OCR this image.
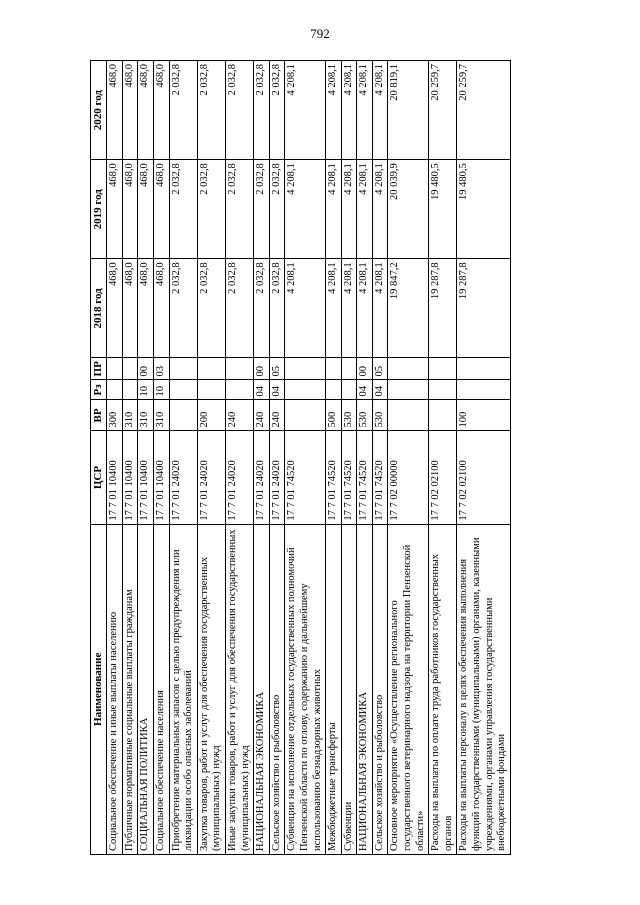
792
Наименование	ЦСР	ВР	Рз	ПР	2018 год	2019 год	2020 год
Социальное обеспечение и иные выплаты населению	17 7 01 10400	300			468,0	468,0	468,0
Публичные нормативные социальные выплаты гражданам	17 7 01 10400	310			468,0	468,0	468,0
СОЦИАЛЬНАЯ ПОЛИТИКА	17 7 01 10400	310	10	00	468,0	468,0	468,0
Социальное обеспечение населения	17 7 01 10400	310	10	03	468,0	468,0	468,0
Приобретение материальных запасов с целью предупреждения или ликвидации особо опасных заболеваний	17 7 01 24020				2 032,8	2 032,8	2 032,8
Закупка товаров, работ и услуг для обеспечения государственных (муниципальных) нужд	17 7 01 24020	200			2 032,8	2 032,8	2 032,8
Иные закупки товаров, работ и услуг для обеспечения государственных (муниципальных) нужд	17 7 01 24020	240			2 032,8	2 032,8	2 032,8
НАЦИОНАЛЬНАЯ ЭКОНОМИКА	17 7 01 24020	240	04	00	2 032,8	2 032,8	2 032,8
Сельское хозяйство и рыболовство	17 7 01 24020	240	04	05	2 032,8	2 032,8	2 032,8
Субвенции на исполнение отдельных государственных полномочий Пензенской области по отлову, содержанию и дальнейшему использованию безнадзорных животных	17 7 01 74520				4 208,1	4 208,1	4 208,1
Межбюджетные трансферты	17 7 01 74520	500			4 208,1	4 208,1	4 208,1
Субвенции	17 7 01 74520	530			4 208,1	4 208,1	4 208,1
НАЦИОНАЛЬНАЯ ЭКОНОМИКА	17 7 01 74520	530	04	00	4 208,1	4 208,1	4 208,1
Сельское хозяйство и рыболовство	17 7 01 74520	530	04	05	4 208,1	4 208,1	4 208,1
Основное мероприятие «Осуществление регионального государственного ветеринарного надзора на территории Пензенской области»	17 7 02 00000				19 847,2	20 039,9	20 819,1
Расходы на выплаты по оплате труда работников государственных органов	17 7 02 02100				19 287,8	19 480,5	20 259,7
Расходы на выплаты персоналу в целях обеспечения выполнения функций государственными (муниципальными) органами, казенными учреждениями, органами управления государственными внебюджетными фондами	17 7 02 02100	100			19 287,8	19 480,5	20 259,7
